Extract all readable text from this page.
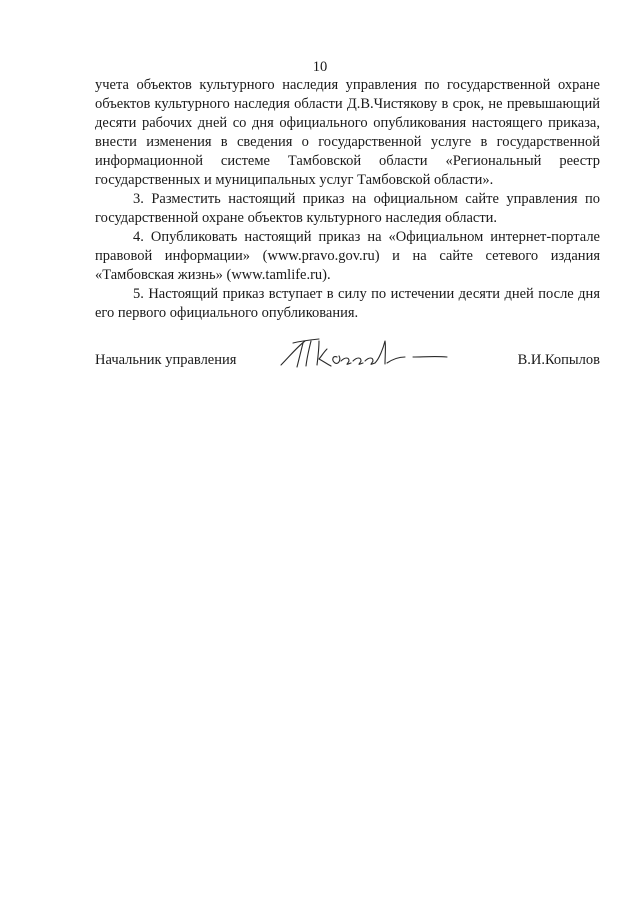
10

учета объектов культурного наследия управления по государственной охране объектов культурного наследия области Д.В.Чистякову в срок, не превышающий десяти рабочих дней со дня официального опубликования настоящего приказа, внести изменения в сведения о государственной услуге в государственной информационной системе Тамбовской области «Региональный реестр государственных и муниципальных услуг Тамбовской области».

3. Разместить настоящий приказ на официальном сайте управления по государственной охране объектов культурного наследия области.

4. Опубликовать настоящий приказ на «Официальном интернет-портале правовой информации» (www.pravo.gov.ru) и на сайте сетевого издания «Тамбовская жизнь» (www.tamlife.ru).

5. Настоящий приказ вступает в силу по истечении десяти дней после дня его первого официального опубликования.

Начальник управления	В.И.Копылов
